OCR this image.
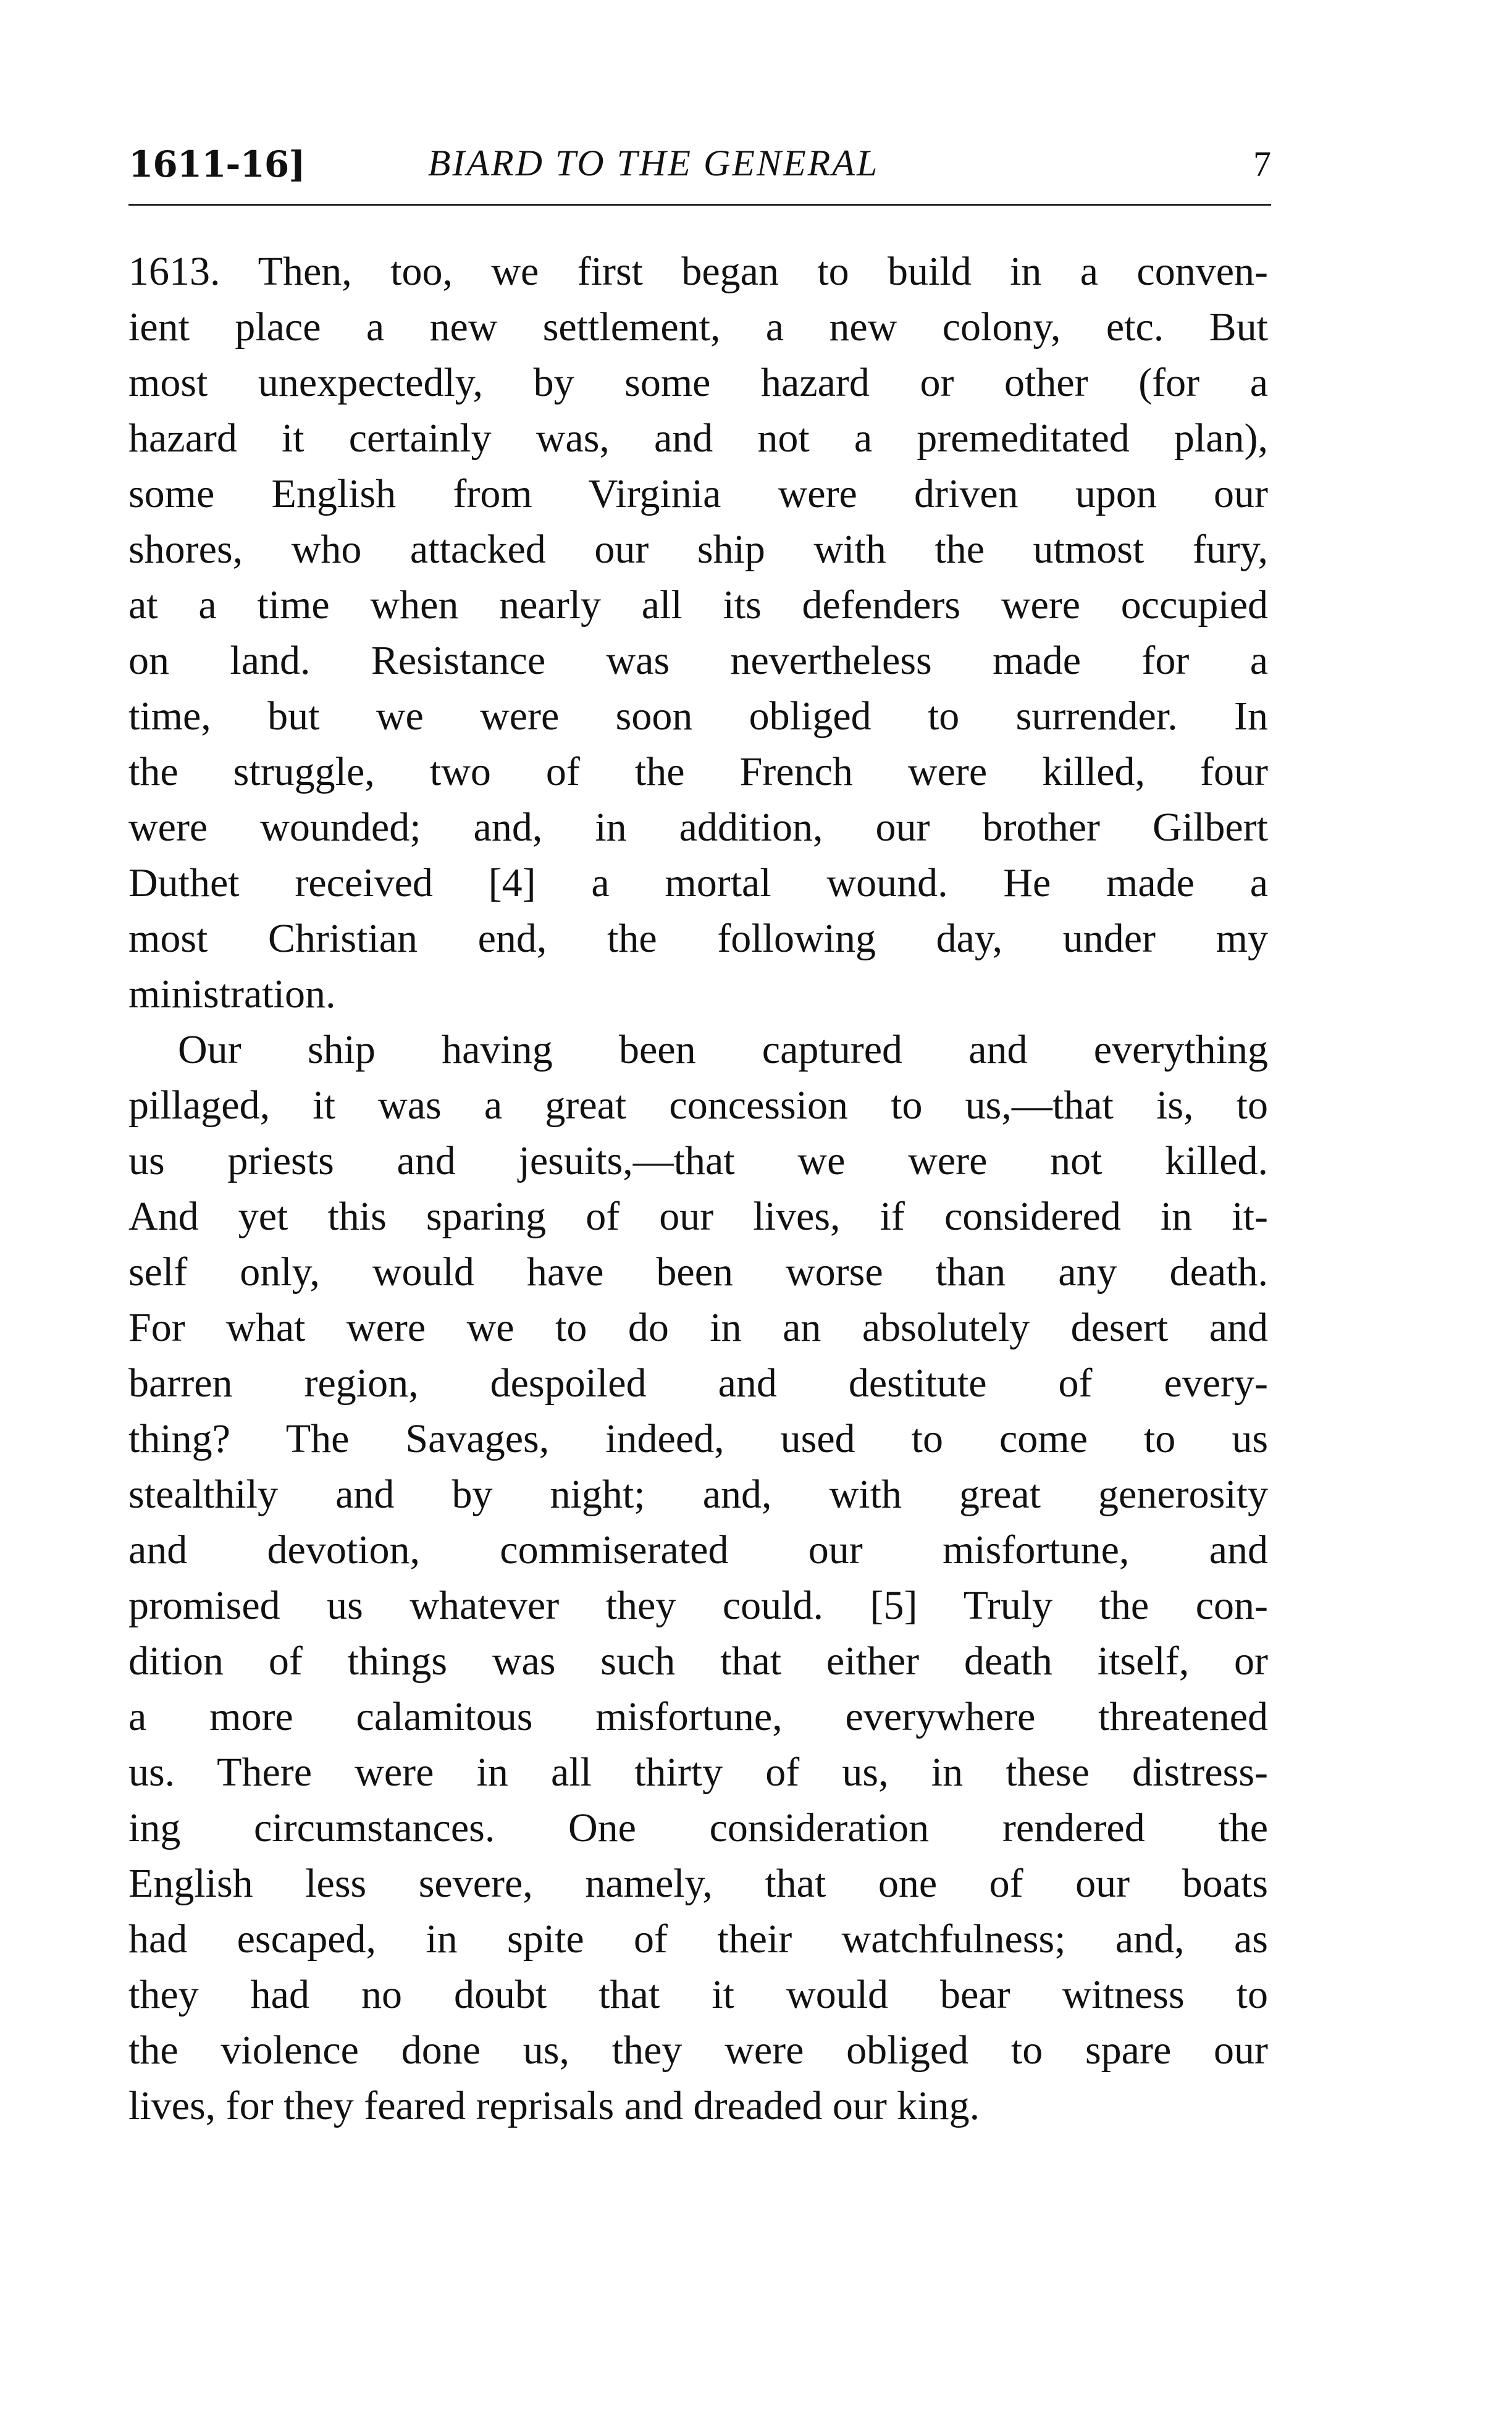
1611-16]	BIARD TO THE GENERAL	7
1613. Then, too, we first began to build in a conven-
ient place a new settlement, a new colony, etc. But
most unexpectedly, by some hazard or other (for a
hazard it certainly was, and not a premeditated plan),
some English from Virginia were driven upon our
shores, who attacked our ship with the utmost fury,
at a time when nearly all its defenders were occupied
on land. Resistance was nevertheless made for a
time, but we were soon obliged to surrender. In
the struggle, two of the French were killed, four
were wounded; and, in addition, our brother Gilbert
Duthet received [4] a mortal wound. He made a
most Christian end, the following day, under my
ministration.
Our ship having been captured and everything
pillaged, it was a great concession to us,—that is, to
us priests and jesuits,—that we were not killed.
And yet this sparing of our lives, if considered in it-
self only, would have been worse than any death.
For what were we to do in an absolutely desert and
barren region, despoiled and destitute of every-
thing? The Savages, indeed, used to come to us
stealthily and by night; and, with great generosity
and devotion, commiserated our misfortune, and
promised us whatever they could. [5] Truly the con-
dition of things was such that either death itself, or
a more calamitous misfortune, everywhere threatened
us. There were in all thirty of us, in these distress-
ing circumstances. One consideration rendered the
English less severe, namely, that one of our boats
had escaped, in spite of their watchfulness; and, as
they had no doubt that it would bear witness to
the violence done us, they were obliged to spare our
lives, for they feared reprisals and dreaded our king.
